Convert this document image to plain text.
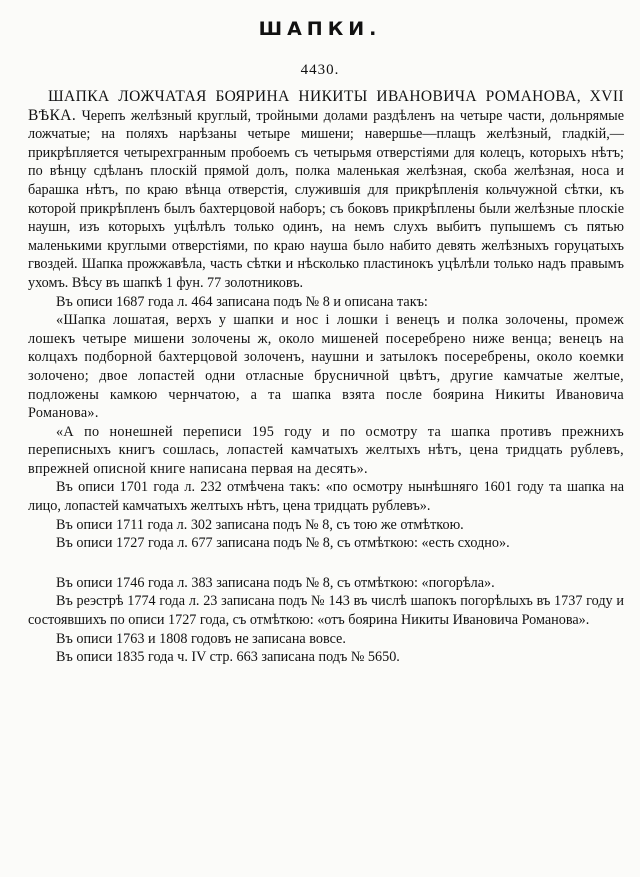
ШАПКИ.
4430.

ШАПКА ЛОЖЧАТАЯ БОЯРИНА НИКИТЫ ИВАНОВИЧА РОМАНОВА, XVII ВѢКА. Черепъ желѣзный круглый, тройными долами раздѣленъ на четыре части, дольнрямые ложчатые; на поляхъ нарѣзаны четыре мишени; навершье—плащъ желѣзный, гладкій,—прикрѣпляется четырехгранным пробоемъ съ четырьмя отверстіями для колецъ, которыхъ нѣтъ; по вѣнцу сдѣланъ плоскій прямой долъ, полка маленькая желѣзная, скоба желѣзная, носа и барашка нѣтъ, по краю вѣнца отверстія, служившія для прикрѣпленія кольчужной сѣтки, къ которой прикрѣпленъ былъ бахтерцовой наборъ; съ боковъ прикрѣплены были желѣзные плоскіе наушн, изъ которыхъ уцѣлѣлъ только одинъ, на немъ слухъ выбитъ пупышемъ съ пятью маленькими круглыми отверстіями, по краю науша было набито девять желѣзныхъ горуцатыхъ гвоздей. Шапка прожжавѣла, часть сѣтки и нѣсколько пластинокъ уцѣлѣли только надъ правымъ ухомъ. Вѣсу въ шапкѣ 1 фун. 77 золотниковъ.

Въ описи 1687 года л. 464 записана подъ № 8 и описана такъ:

«Шапка лошатая, верхъ у шапки и нос і лошки і венецъ и полка золочены, промеж лошекъ четыре мишени золочены ж, около мишеней посеребрено ниже венца; венецъ на колцахъ подборной бахтерцовой золоченъ, наушни и затылокъ посеребрены, около коемки золочено; двое лопастей одни отласные брусничной цвѣтъ, другие камчатые желтые, подложены камкою чернчатою, а та шапка взята после боярина Никиты Ивановича Романова».

«А по нонешней переписи 195 году и по осмотру та шапка противъ прежнихъ переписныхъ книгъ сошлась, лопастей камчатыхъ желтыхъ нѣтъ, цена тридцать рублевъ, впрежней описной книге написана первая на десять».

Въ описи 1701 года л. 232 отмѣчена такъ: «по осмотру нынѣшняго 1601 году та шапка на лицо, лопастей камчатыхъ желтыхъ нѣтъ, цена тридцать рублевъ».

Въ описи 1711 года л. 302 записана подъ № 8, съ тою же отмѣткою.

Въ описи 1727 года л. 677 записана подъ № 8, съ отмѣткою: «есть сходно».

Въ описи 1746 года л. 383 записана подъ № 8, съ отмѣткою: «погорѣла».

Въ реэстрѣ 1774 года л. 23 записана подъ № 143 въ числѣ шапокъ погорѣлыхъ въ 1737 году и состоявшихъ по описи 1727 года, съ отмѣткою: «отъ боярина Никиты Ивановича Романова».

Въ описи 1763 и 1808 годовъ не записана вовсе.

Въ описи 1835 года ч. IV стр. 663 записана подъ № 5650.
